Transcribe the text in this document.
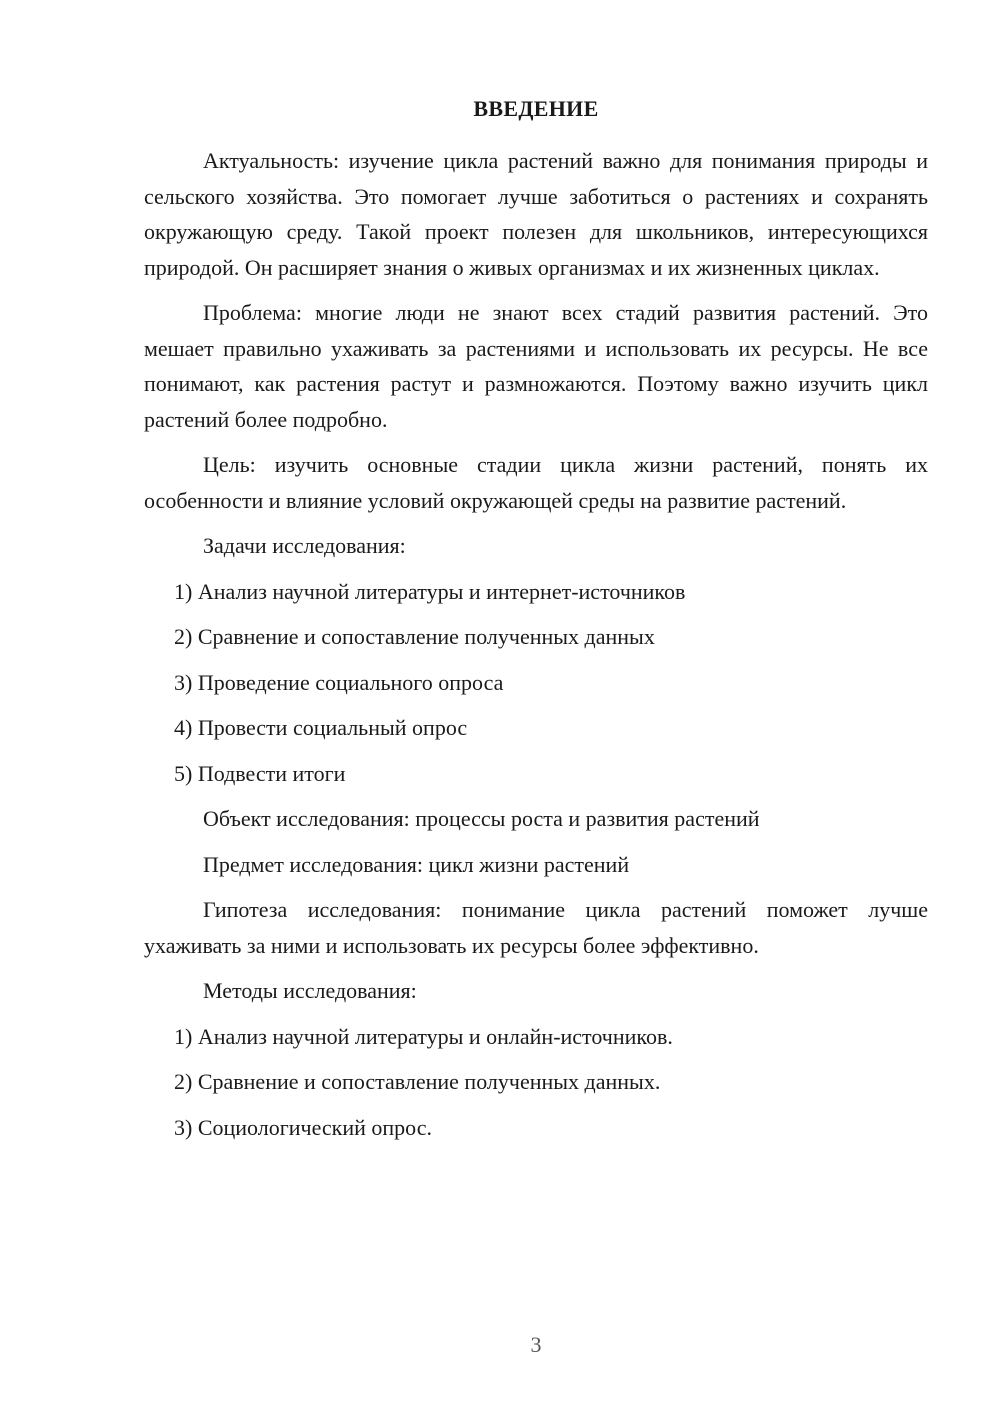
ВВЕДЕНИЕ

Актуальность: изучение цикла растений важно для понимания природы и сельского хозяйства. Это помогает лучше заботиться о растениях и сохранять окружающую среду. Такой проект полезен для школьников, интересующихся природой. Он расширяет знания о живых организмах и их жизненных циклах.

Проблема: многие люди не знают всех стадий развития растений. Это мешает правильно ухаживать за растениями и использовать их ресурсы. Не все понимают, как растения растут и размножаются. Поэтому важно изучить цикл растений более подробно.

Цель: изучить основные стадии цикла жизни растений, понять их особенности и влияние условий окружающей среды на развитие растений.

Задачи исследования:

1) Анализ научной литературы и интернет-источников

2) Сравнение и сопоставление полученных данных

3) Проведение социального опроса

4) Провести социальный опрос

5) Подвести итоги

Объект исследования: процессы роста и развития растений

Предмет исследования: цикл жизни растений

Гипотеза исследования: понимание цикла растений поможет лучше ухаживать за ними и использовать их ресурсы более эффективно.

Методы исследования:

1) Анализ научной литературы и онлайн-источников.

2) Сравнение и сопоставление полученных данных.

3) Социологический опрос.

3
